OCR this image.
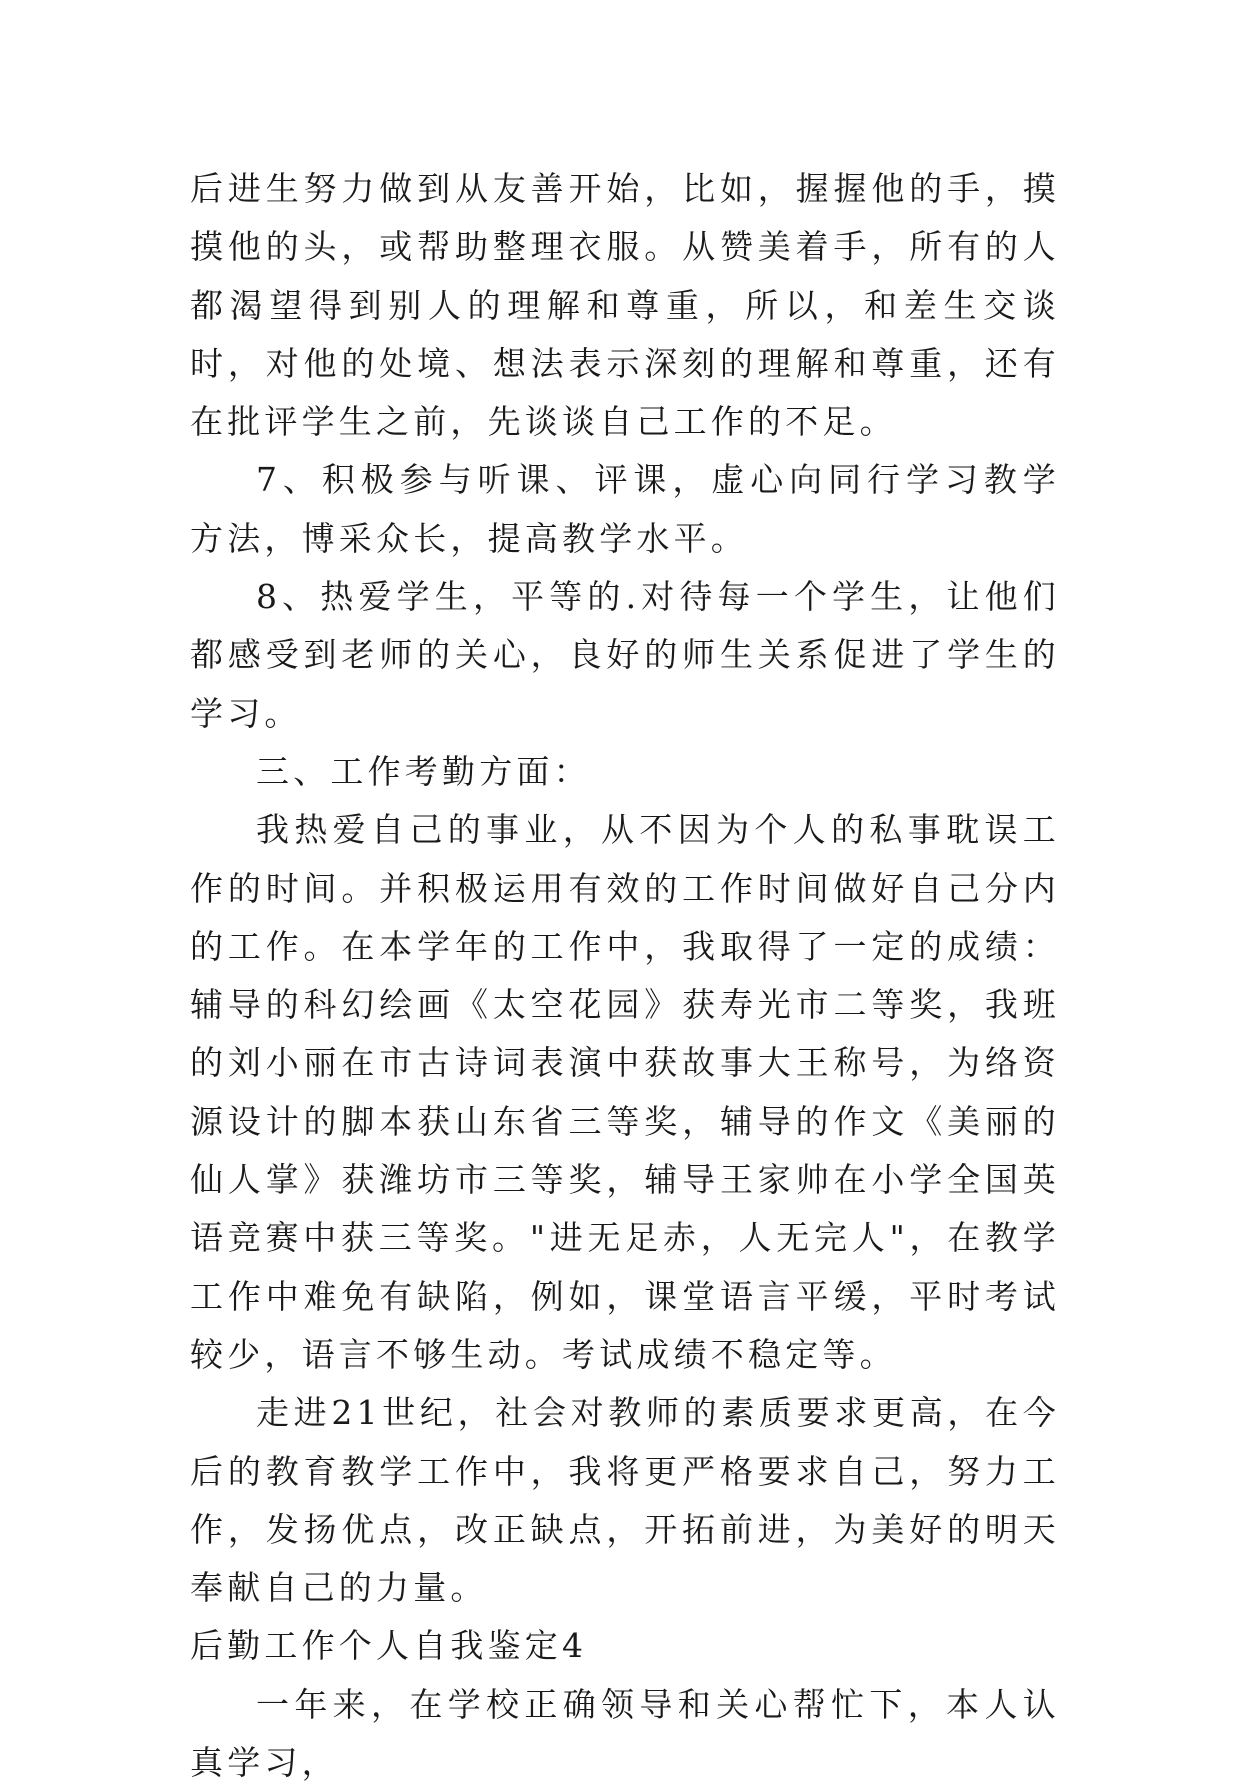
后进生努力做到从友善开始，比如，握握他的手，摸摸他的头，或帮助整理衣服。从赞美着手，所有的人都渴望得到别人的理解和尊重，所以，和差生交谈时，对他的处境、想法表示深刻的理解和尊重，还有在批评学生之前，先谈谈自己工作的不足。

7、积极参与听课、评课，虚心向同行学习教学方法，博采众长，提高教学水平。

8、热爱学生，平等的.对待每一个学生，让他们都感受到老师的关心，良好的师生关系促进了学生的学习。

三、工作考勤方面：

我热爱自己的事业，从不因为个人的私事耽误工作的时间。并积极运用有效的工作时间做好自己分内的工作。在本学年的工作中，我取得了一定的成绩：辅导的科幻绘画《太空花园》获寿光市二等奖，我班的刘小丽在市古诗词表演中获故事大王称号，为络资源设计的脚本获山东省三等奖，辅导的作文《美丽的仙人掌》获潍坊市三等奖，辅导王家帅在小学全国英语竞赛中获三等奖。"进无足赤，人无完人"，在教学工作中难免有缺陷，例如，课堂语言平缓，平时考试较少，语言不够生动。考试成绩不稳定等。

走进21世纪，社会对教师的素质要求更高，在今后的教育教学工作中，我将更严格要求自己，努力工作，发扬优点，改正缺点，开拓前进，为美好的明天奉献自己的力量。

后勤工作个人自我鉴定4

一年来，在学校正确领导和关心帮忙下，本人认真学习，
